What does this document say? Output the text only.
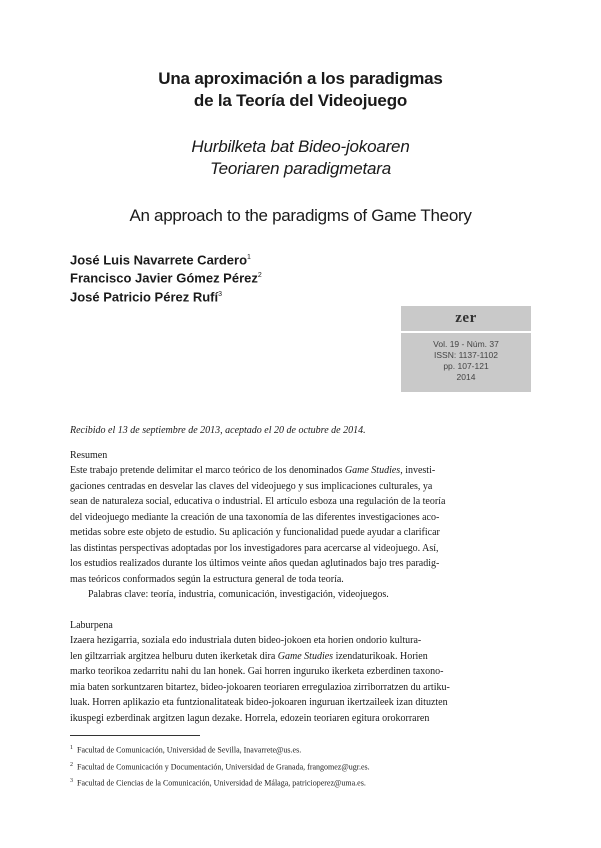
Una aproximación a los paradigmas
de la Teoría del Videojuego
Hurbilketa bat Bideo-jokoaren
Teoriaren paradigmetara
An approach to the paradigms of Game Theory
José Luis Navarrete Cardero$^1$
Francisco Javier Gómez Pérez$^2$
José Patricio Pérez Rufí$^3$
zer
Vol. 19 - Núm. 37
ISSN: 1137-1102
pp. 107-121
2014
Recibido el 13 de septiembre de 2013, aceptado el 20 de octubre de 2014.
Resumen
Este trabajo pretende delimitar el marco teórico de los denominados Game Studies, investi-
gaciones centradas en desvelar las claves del videojuego y sus implicaciones culturales, ya
sean de naturaleza social, educativa o industrial. El artículo esboza una regulación de la teoría
del videojuego mediante la creación de una taxonomía de las diferentes investigaciones aco-
metidas sobre este objeto de estudio. Su aplicación y funcionalidad puede ayudar a clarificar
las distintas perspectivas adoptadas por los investigadores para acercarse al videojuego. Así,
los estudios realizados durante los últimos veinte años quedan aglutinados bajo tres paradig-
mas teóricos conformados según la estructura general de toda teoría.
Palabras clave: teoría, industria, comunicación, investigación, videojuegos.
Laburpena
Izaera hezigarria, soziala edo industriala duten bideo-jokoen eta horien ondorio kultura-
len giltzarriak argitzea helburu duten ikerketak dira Game Studies izendaturikoak. Horien
marko teorikoa zedarritu nahi du lan honek. Gai horren inguruko ikerketa ezberdinen taxono-
mia baten sorkuntzaren bitartez, bideo-jokoaren teoriaren erregulazioa zirriborratzen du artiku-
luak. Horren aplikazio eta funtzionalitateak bideo-jokoaren inguruan ikertzaileek izan dituzten
ikuspegi ezberdinak argitzen lagun dezake. Horrela, edozein teoriaren egitura orokorraren
$^1$ Facultad de Comunicación, Universidad de Sevilla, Inavarrete@us.es.
$^2$ Facultad de Comunicación y Documentación, Universidad de Granada, frangomez@ugr.es.
$^3$ Facultad de Ciencias de la Comunicación, Universidad de Málaga, patricioperez@uma.es.
